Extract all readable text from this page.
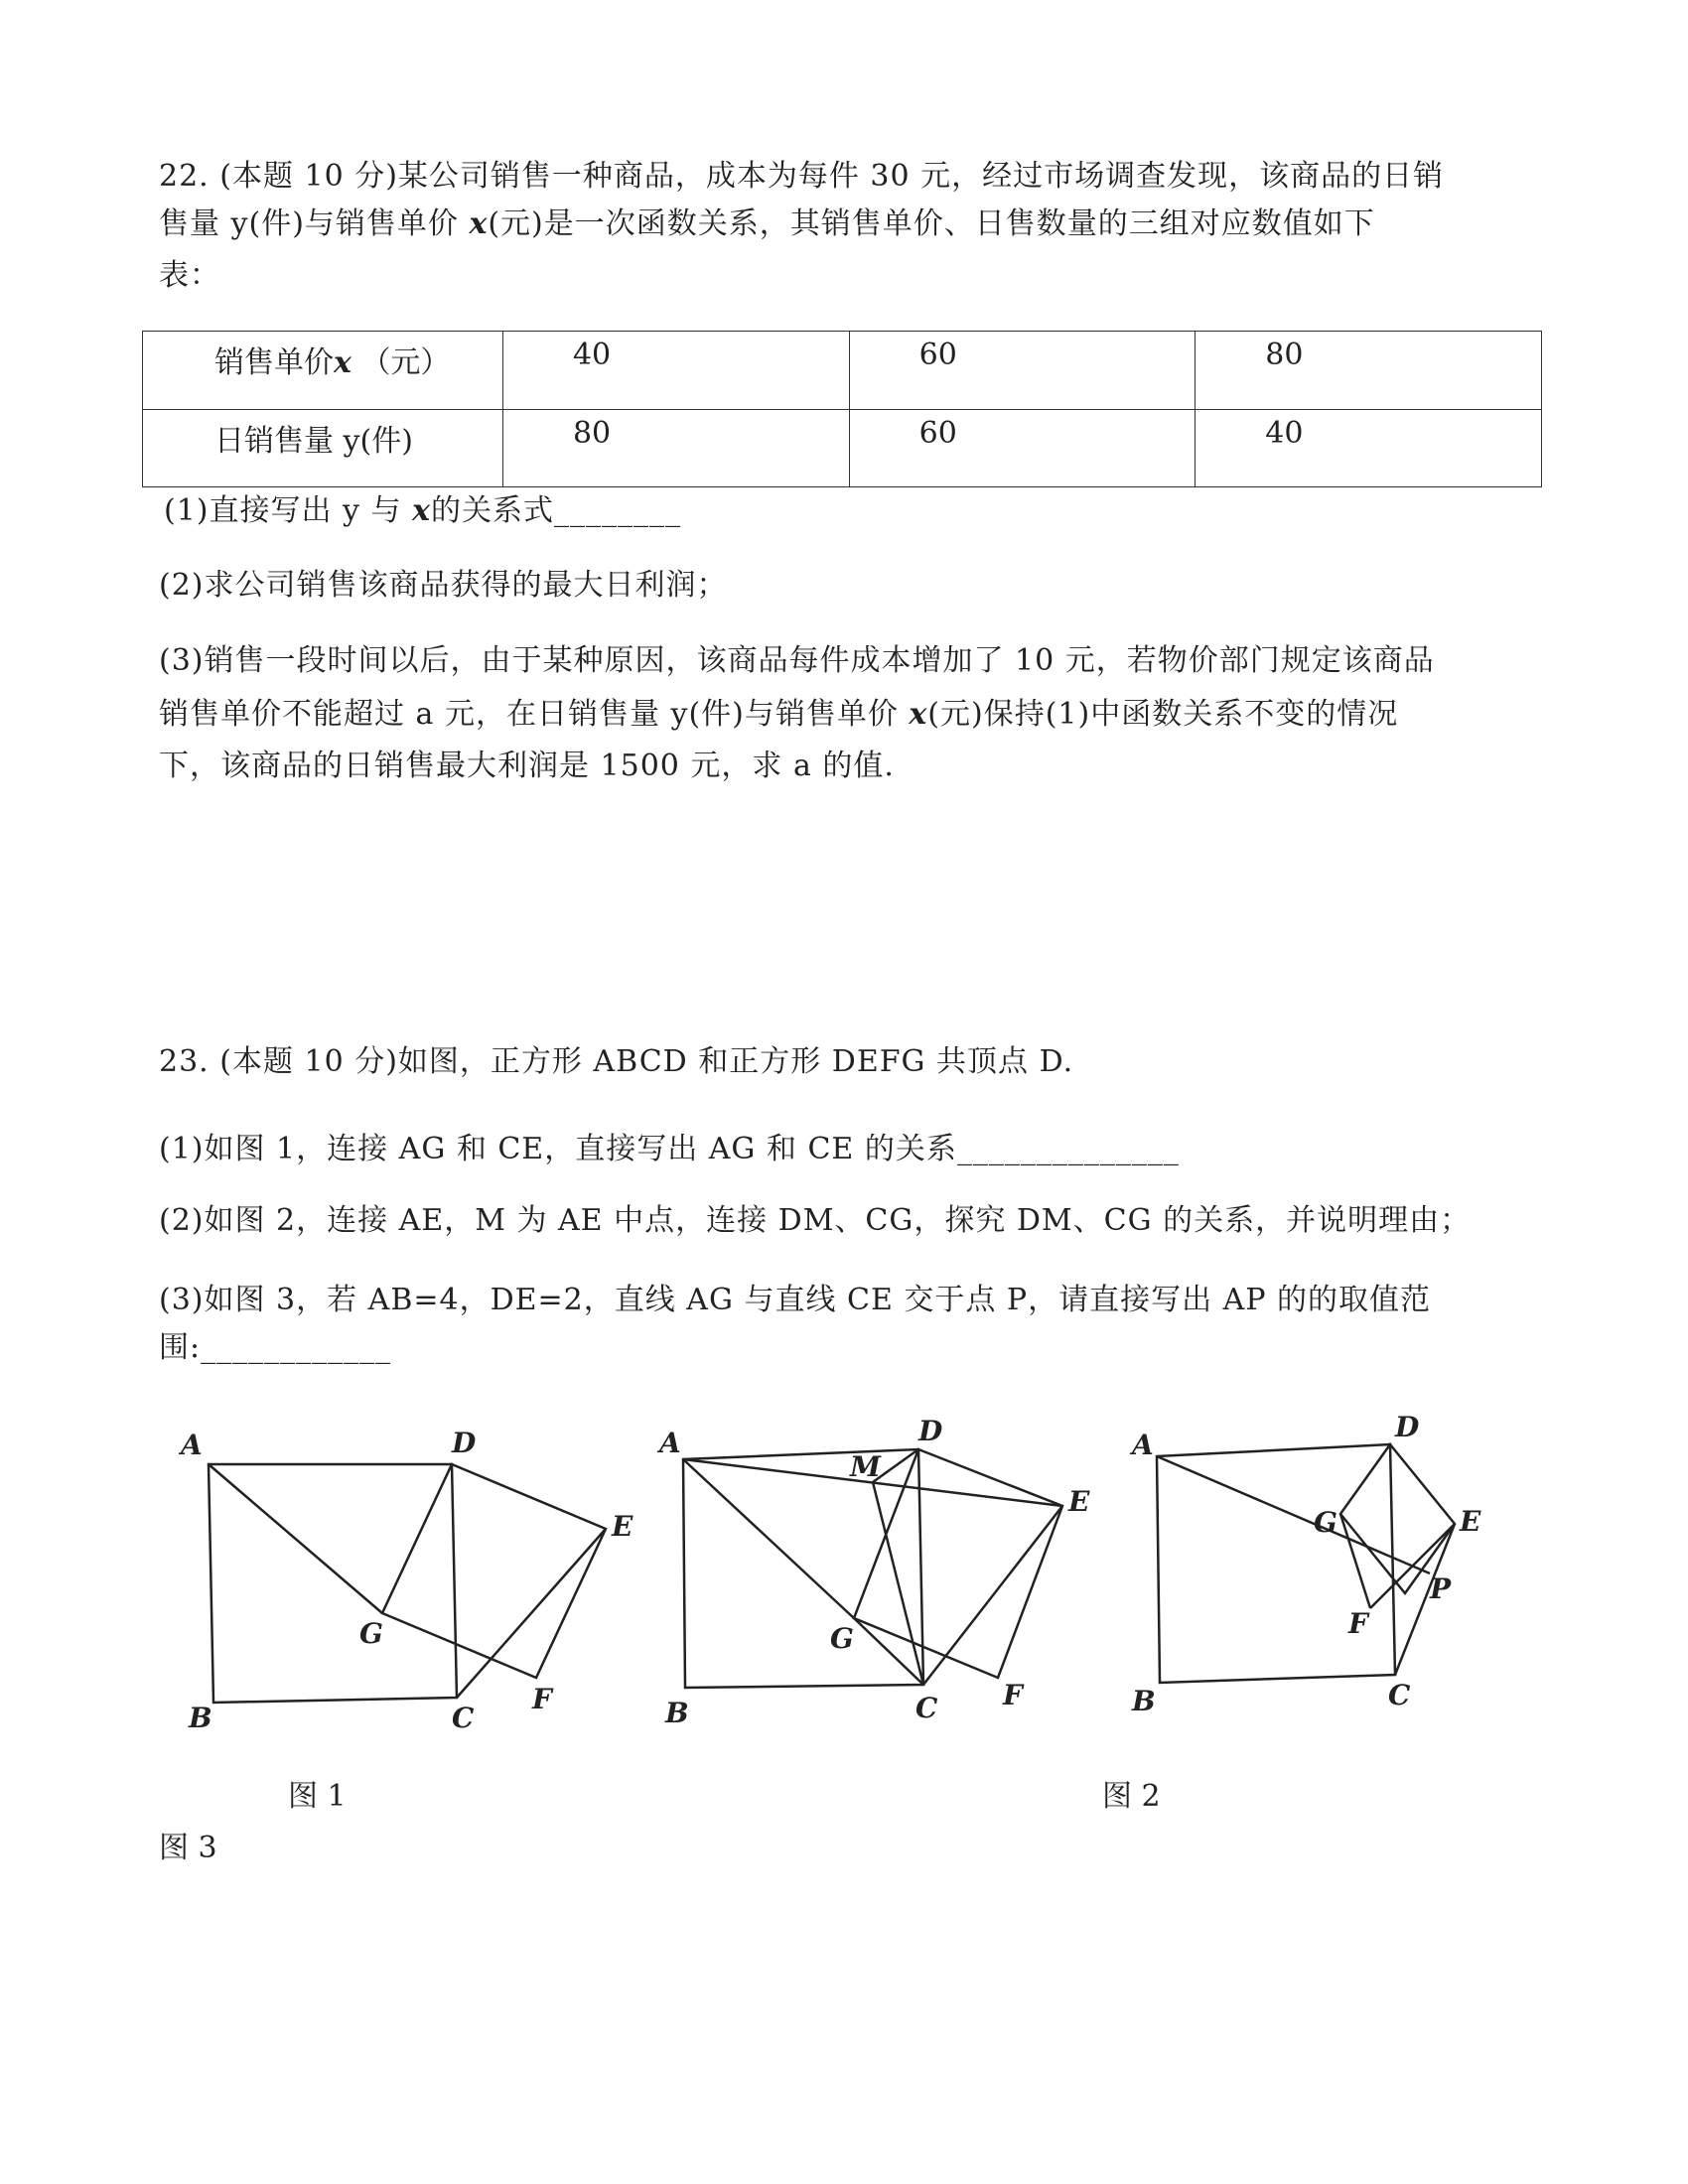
22. (本题 10 分)某公司销售一种商品，成本为每件 30 元，经过市场调查发现，该商品的日销
售量 y(件)与销售单价 x(元)是一次函数关系，其销售单价、日售数量的三组对应数值如下
表：
销售单价x （元）	40	60	80
日销售量 y(件)	80	60	40
(1)直接写出 y 与 x的关系式________
(2)求公司销售该商品获得的最大日利润；
(3)销售一段时间以后，由于某种原因，该商品每件成本增加了 10 元，若物价部门规定该商品
销售单价不能超过 a 元，在日销售量 y(件)与销售单价 x(元)保持(1)中函数关系不变的情况
下，该商品的日销售最大利润是 1500 元，求 a 的值.
23. (本题 10 分)如图，正方形 ABCD 和正方形 DEFG 共顶点 D.
(1)如图 1，连接 AG 和 CE，直接写出 AG 和 CE 的关系______________
(2)如图 2，连接 AE，M 为 AE 中点，连接 DM、CG，探究 DM、CG 的关系，并说明理由；
(3)如图 3，若 AB=4，DE=2，直线 AG 与直线 CE 交于点 P，请直接写出 AP 的的取值范
围:____________
A	D
E
G
F
C
B
A	D
M
E
G
F
C
B
A
D
E
G
P
F
C
B
图 1	图 2
图 3
